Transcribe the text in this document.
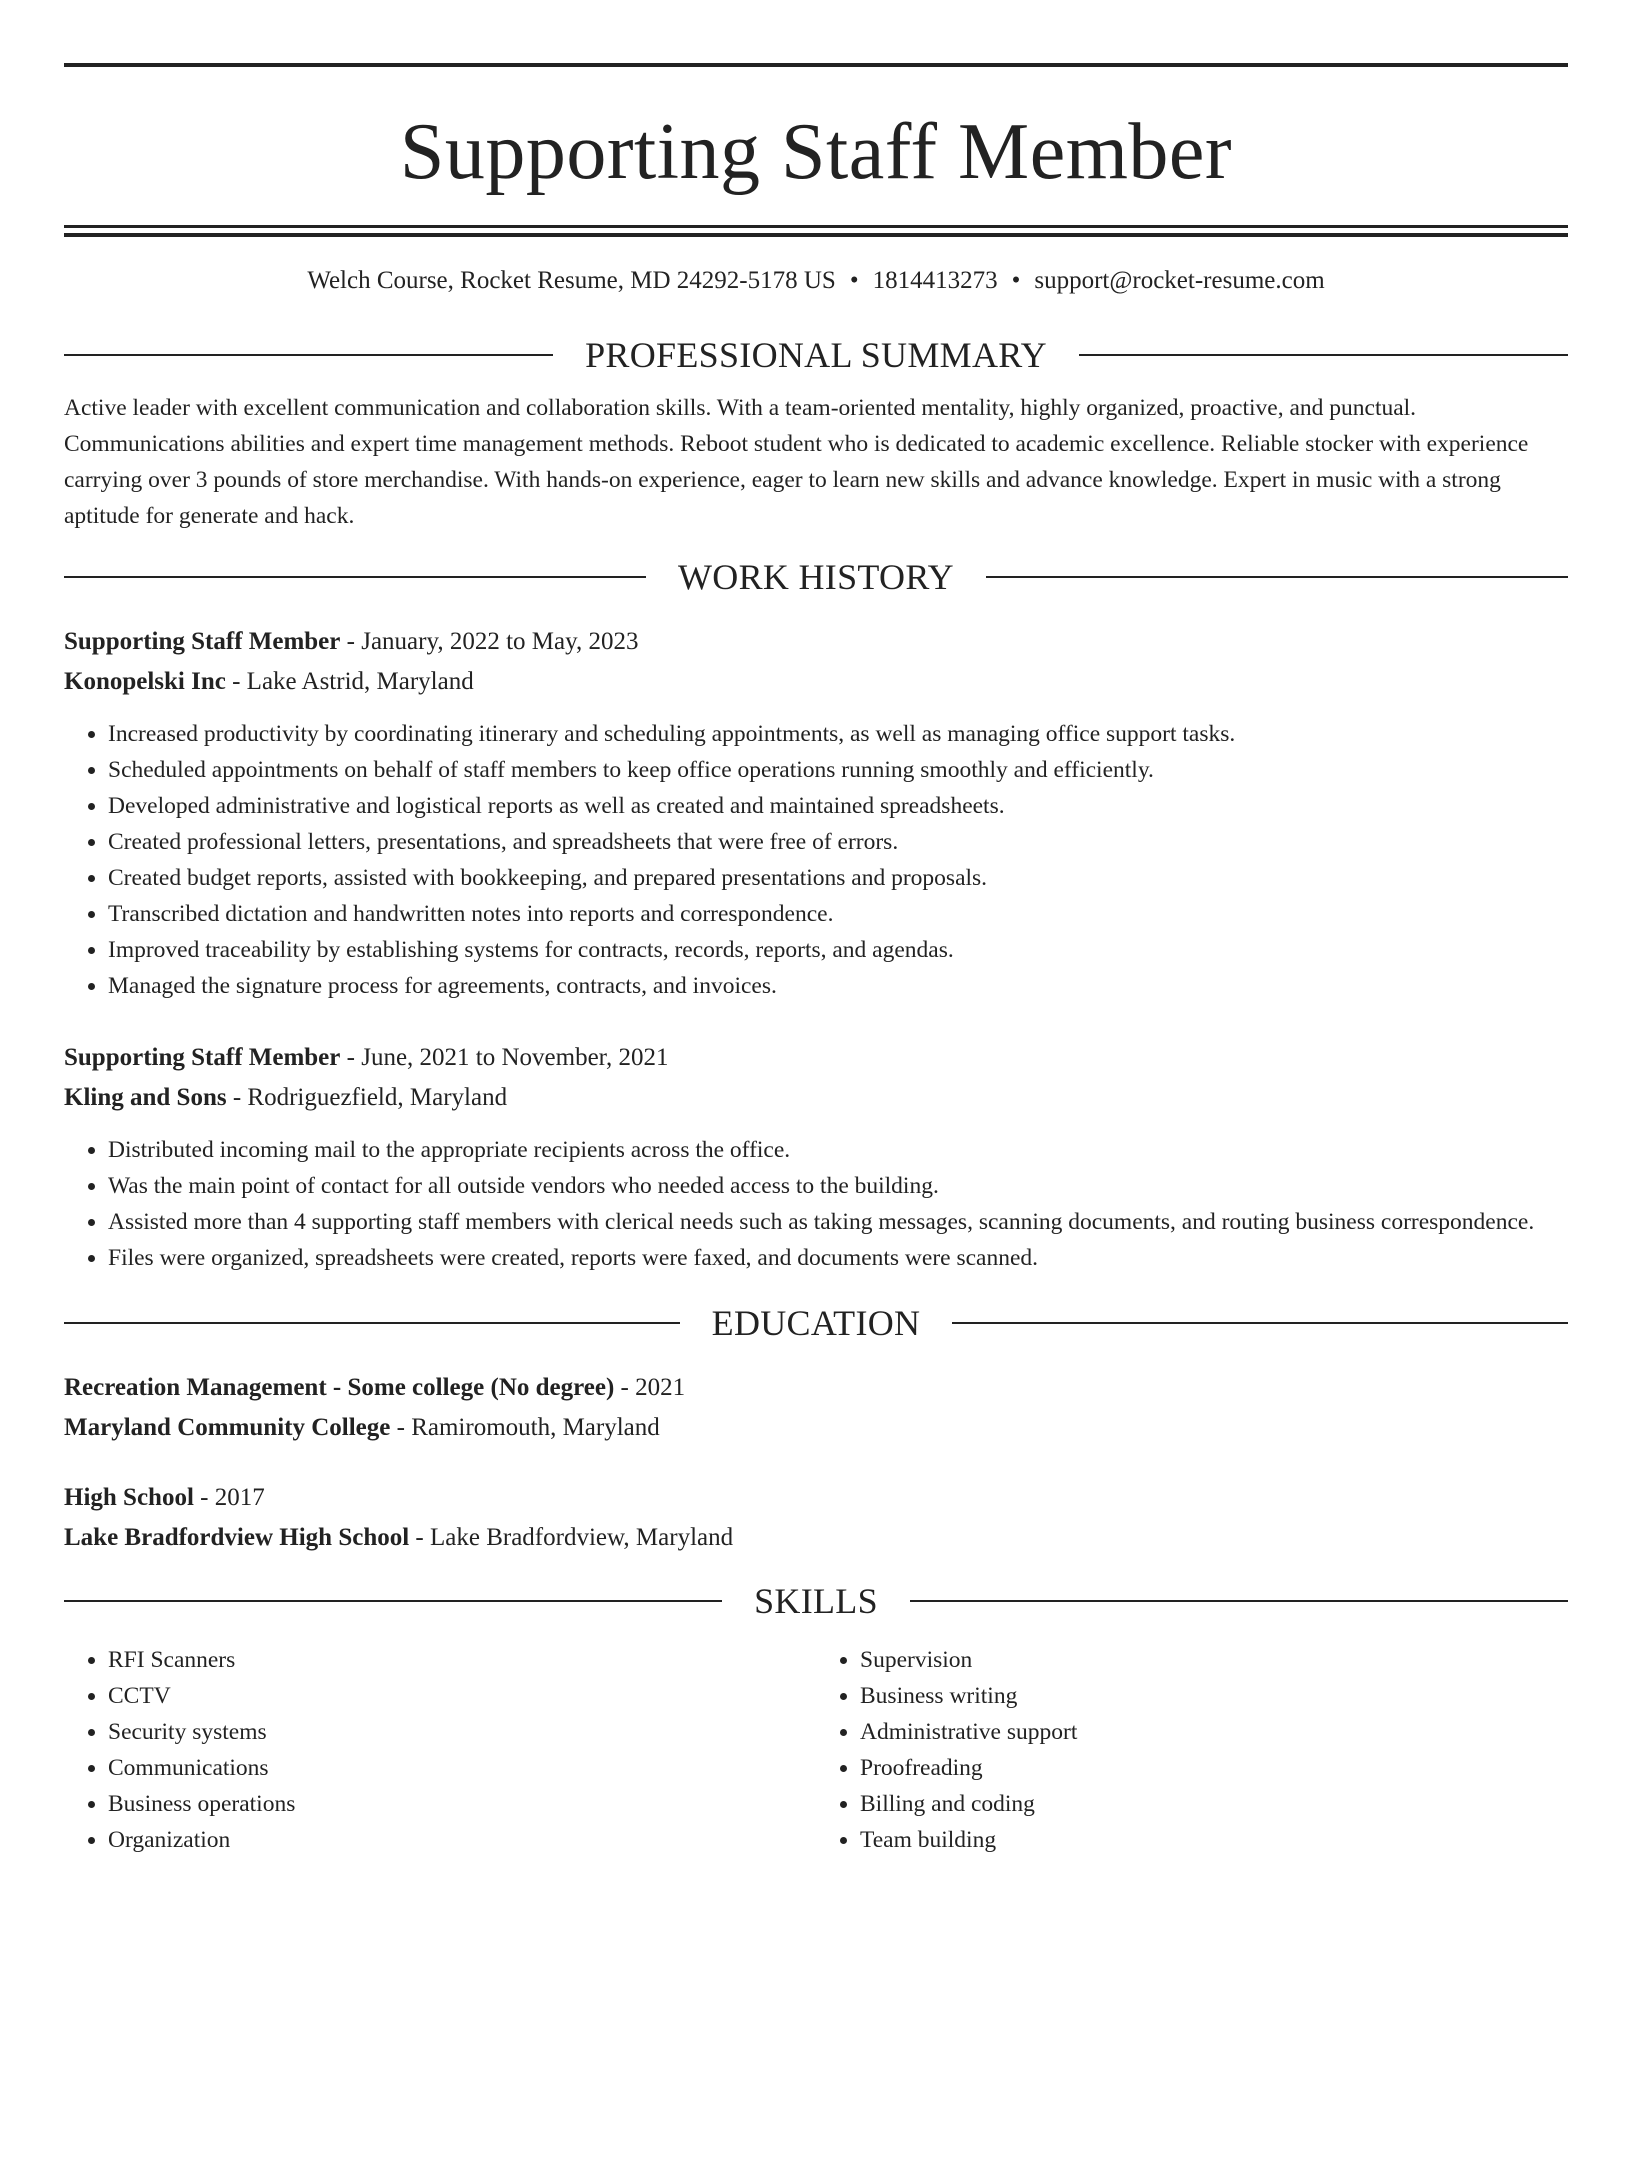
Supporting Staff Member
Welch Course, Rocket Resume, MD 24292-5178 US • 1814413273 • support@rocket-resume.com
PROFESSIONAL SUMMARY
Active leader with excellent communication and collaboration skills. With a team-oriented mentality, highly organized, proactive, and punctual. Communications abilities and expert time management methods. Reboot student who is dedicated to academic excellence. Reliable stocker with experience carrying over 3 pounds of store merchandise. With hands-on experience, eager to learn new skills and advance knowledge. Expert in music with a strong aptitude for generate and hack.
WORK HISTORY
Supporting Staff Member - January, 2022 to May, 2023
Konopelski Inc - Lake Astrid, Maryland
• Increased productivity by coordinating itinerary and scheduling appointments, as well as managing office support tasks.
• Scheduled appointments on behalf of staff members to keep office operations running smoothly and efficiently.
• Developed administrative and logistical reports as well as created and maintained spreadsheets.
• Created professional letters, presentations, and spreadsheets that were free of errors.
• Created budget reports, assisted with bookkeeping, and prepared presentations and proposals.
• Transcribed dictation and handwritten notes into reports and correspondence.
• Improved traceability by establishing systems for contracts, records, reports, and agendas.
• Managed the signature process for agreements, contracts, and invoices.
Supporting Staff Member - June, 2021 to November, 2021
Kling and Sons - Rodriguezfield, Maryland
• Distributed incoming mail to the appropriate recipients across the office.
• Was the main point of contact for all outside vendors who needed access to the building.
• Assisted more than 4 supporting staff members with clerical needs such as taking messages, scanning documents, and routing business correspondence.
• Files were organized, spreadsheets were created, reports were faxed, and documents were scanned.
EDUCATION
Recreation Management - Some college (No degree) - 2021
Maryland Community College - Ramiromouth, Maryland
High School - 2017
Lake Bradfordview High School - Lake Bradfordview, Maryland
SKILLS
• RFI Scanners
• CCTV
• Security systems
• Communications
• Business operations
• Organization
• Supervision
• Business writing
• Administrative support
• Proofreading
• Billing and coding
• Team building
